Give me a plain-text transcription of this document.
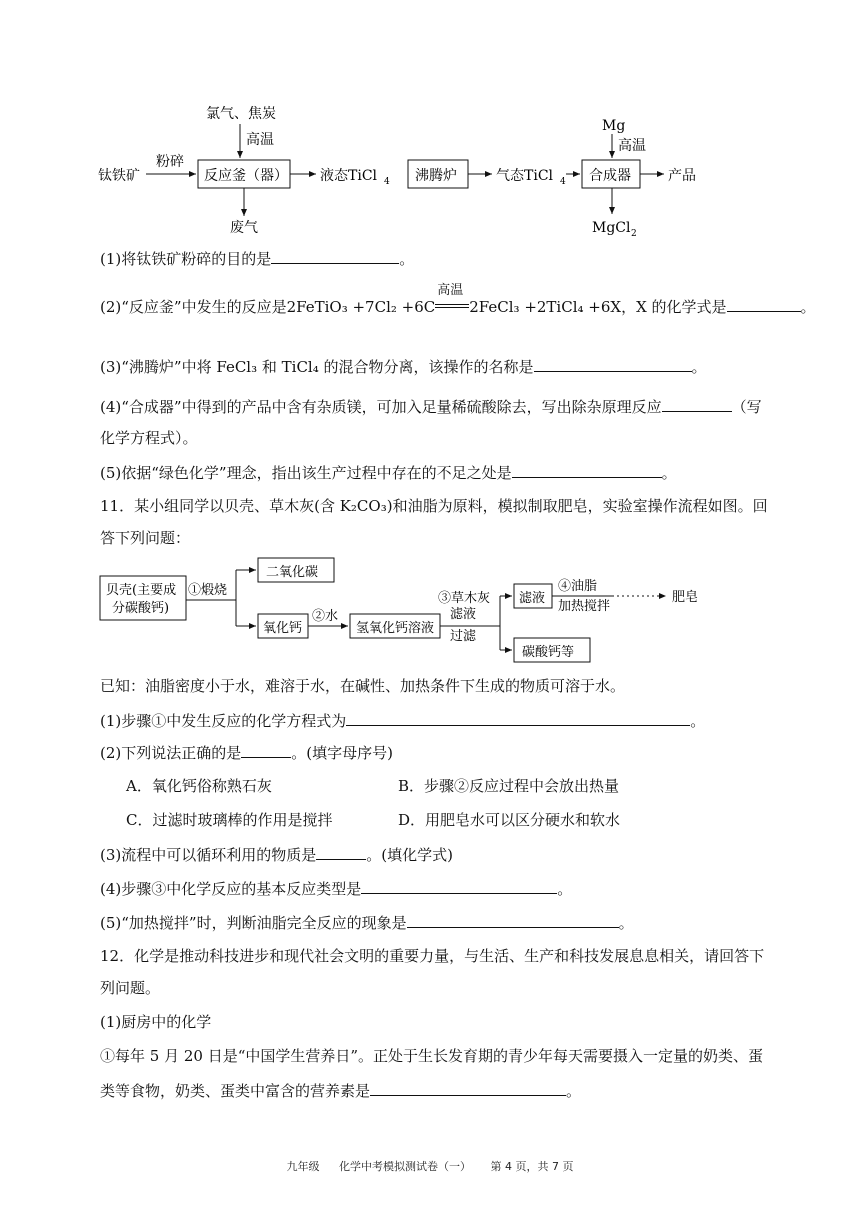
氯气、焦炭
高温
钛铁矿
粉碎
反应釜（器）
废气
液态TiCl 4 沸腾炉	气态TiCl 4
Mg
高温
合成器	产品
MgCl 2
(1)将钛铁矿粉碎的目的是	。
(2)“反应釜”中发生的反应是2FeTiO₃ +7Cl₂ +6C
高温
2FeCl₃ +2TiCl₄ +6X，X 的化学式是	。
(3)“沸腾炉”中将 FeCl₃ 和 TiCl₄ 的混合物分离，该操作的名称是	。
(4)“合成器”中得到的产品中含有杂质镁，可加入足量稀硫酸除去，写出除杂原理反应	（写
化学方程式）。
(5)依据“绿色化学”理念，指出该生产过程中存在的不足之处是	。
11．某小组同学以贝壳、草木灰(含 K₂CO₃)和油脂为原料，模拟制取肥皂，实验室操作流程如图。回
答下列问题：
贝壳(主要成
分碳酸钙)
①煅烧
二氧化碳
氧化钙
②水
氢氧化钙溶液
③草木灰
滤液
过滤
滤液
④油脂
加热搅拌
肥皂
碳酸钙等
已知：油脂密度小于水，难溶于水，在碱性、加热条件下生成的物质可溶于水。
(1)步骤①中发生反应的化学方程式为	。
(2)下列说法正确的是	。(填字母序号)
A．氧化钙俗称熟石灰	B．步骤②反应过程中会放出热量
C．过滤时玻璃棒的作用是搅拌	D．用肥皂水可以区分硬水和软水
(3)流程中可以循环利用的物质是	。(填化学式)
(4)步骤③中化学反应的基本反应类型是	。
(5)“加热搅拌”时，判断油脂完全反应的现象是	。
12．化学是推动科技进步和现代社会文明的重要力量，与生活、生产和科技发展息息相关，请回答下
列问题。
(1)厨房中的化学
①每年 5 月 20 日是“中国学生营养日”。正处于生长发育期的青少年每天需要摄入一定量的奶类、蛋
类等食物，奶类、蛋类中富含的营养素是	。
九年级 化学中考模拟测试卷（一） 第 4 页，共 7 页
